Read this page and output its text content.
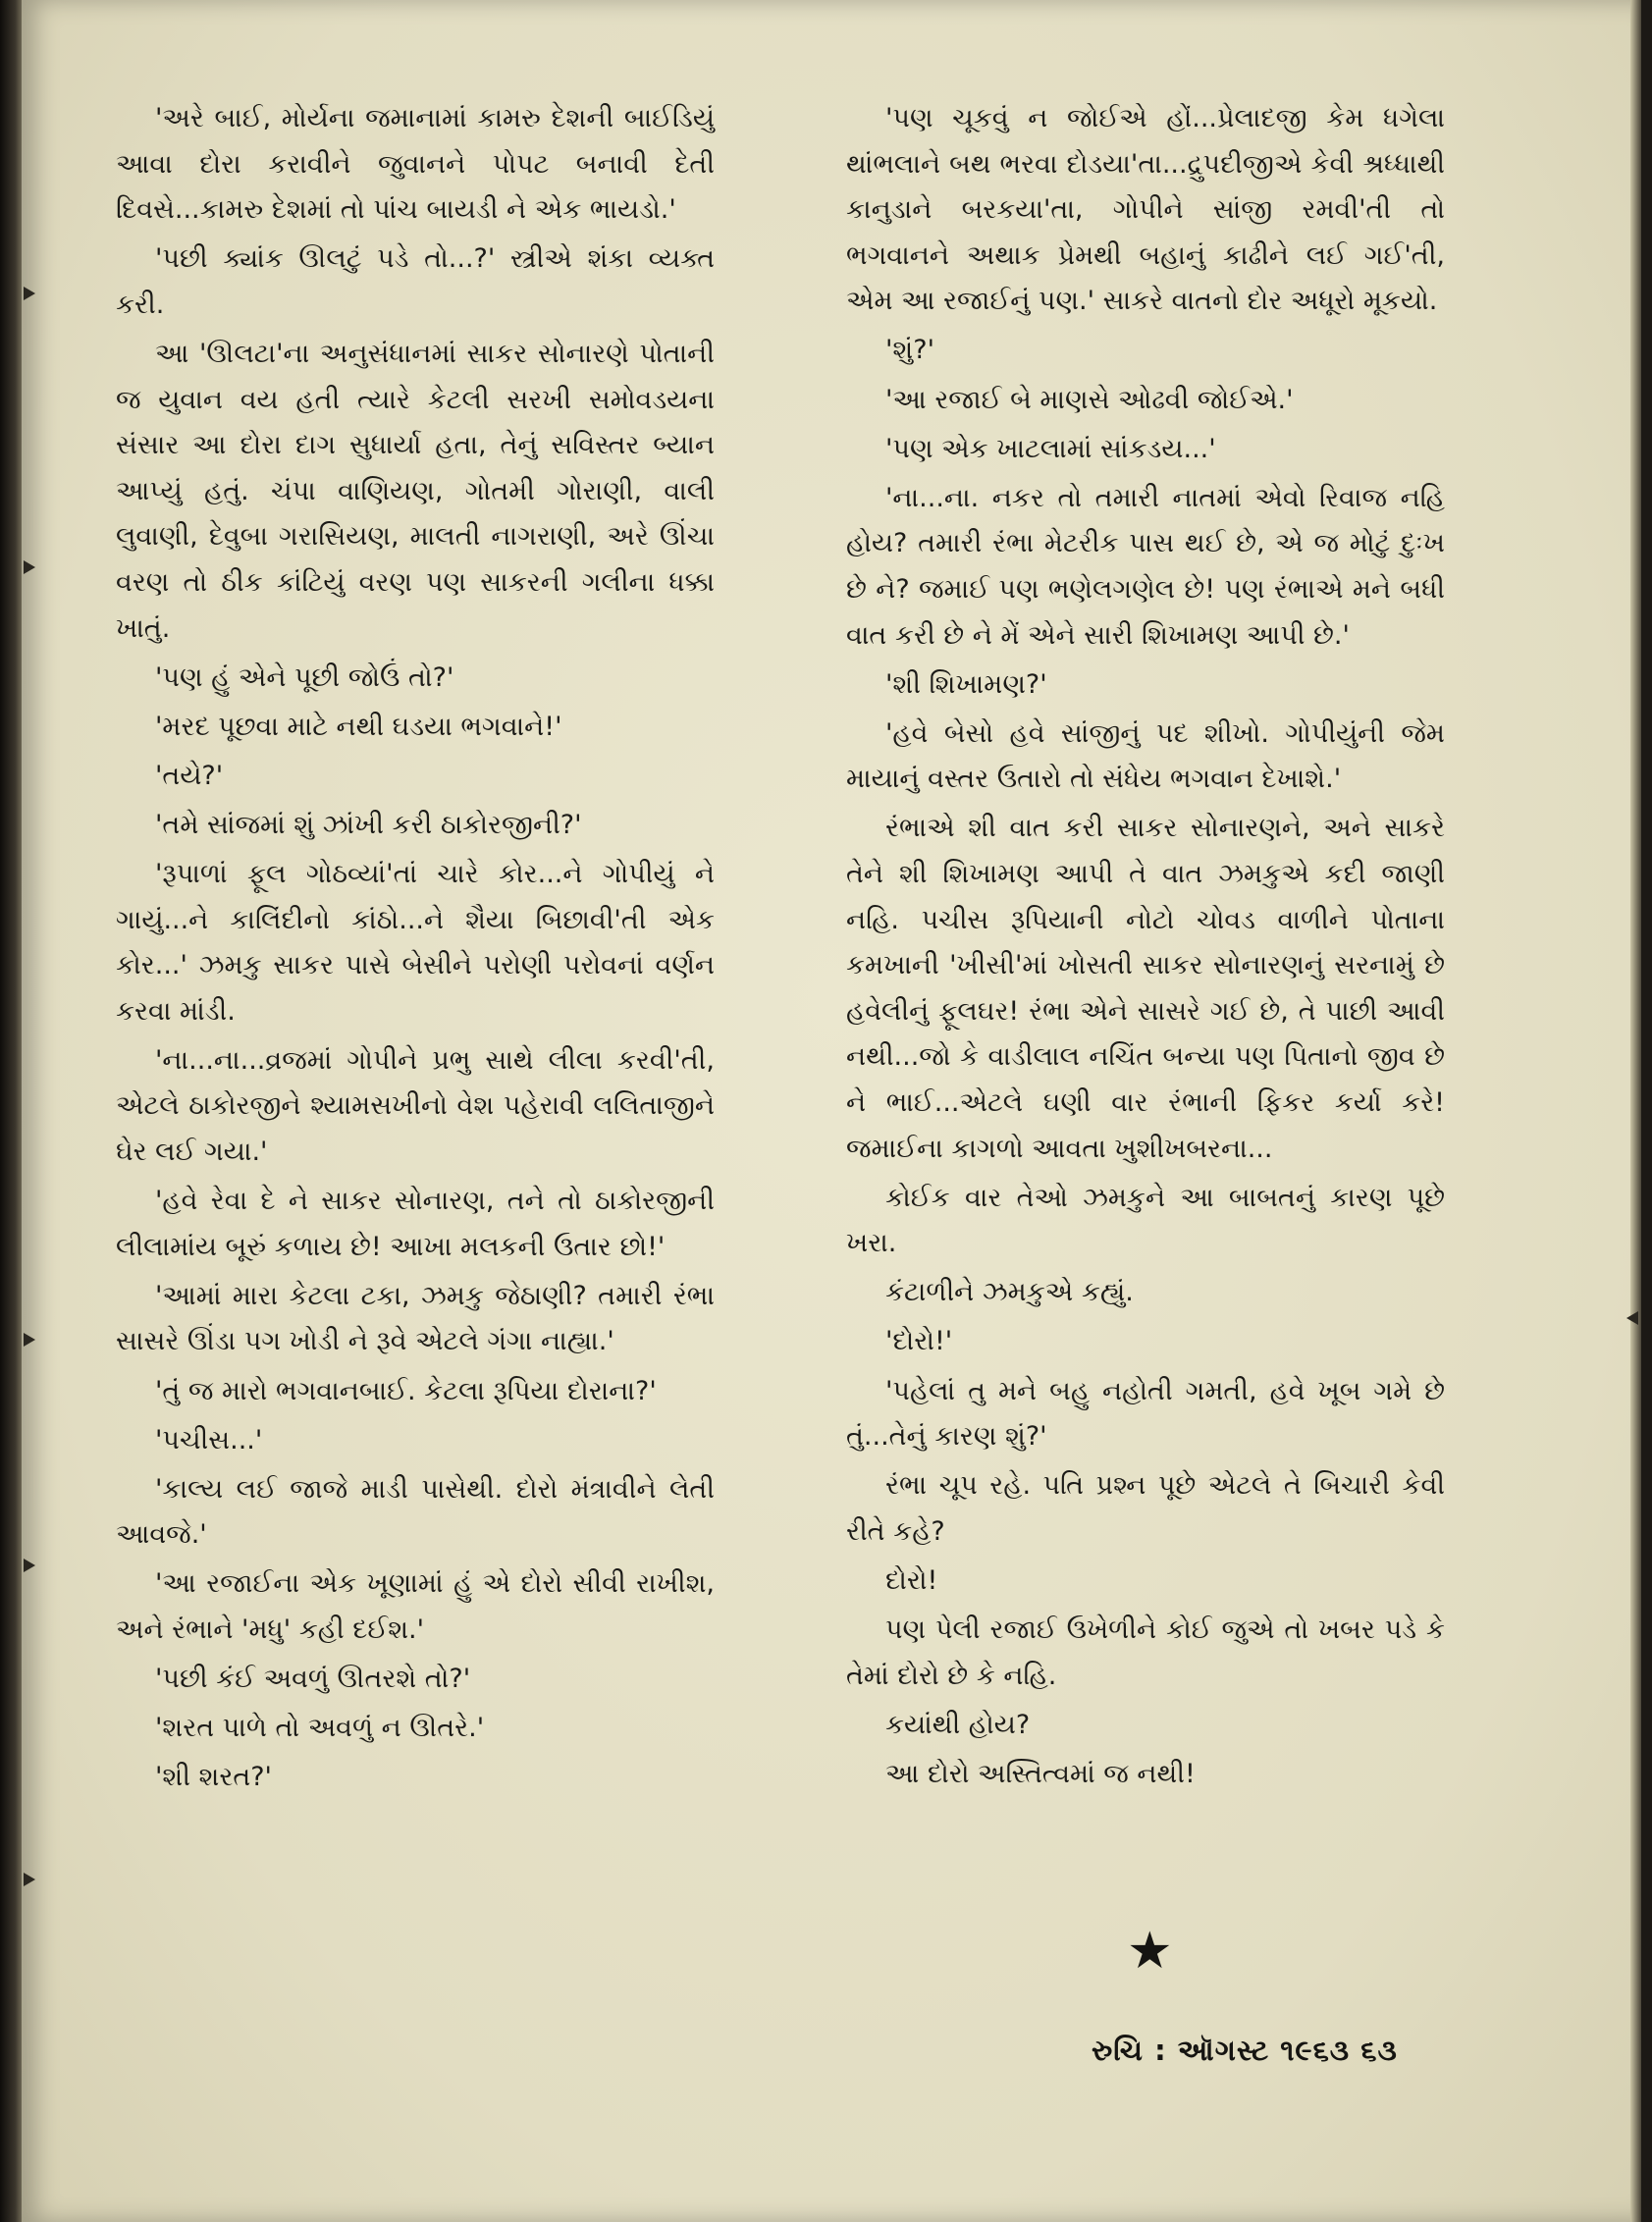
'અરે બાઈ, મોર્યના જમાનામાં કામરુ દેશની બાઈડિયું આવા દોરા કરાવીને જુવાનને પોપટ બનાવી દેતી દિવસે...કામરુ દેશમાં તો પાંચ બાયડી ને એક ભાયડો.'

'પછી ક્યાંક ઊલટું પડે તો...?' સ્ત્રીએ શંકા વ્યક્ત કરી.

આ 'ઊલટા'ના અનુસંધાનમાં સાકર સોનારણે પોતાની જ યુવાન વય હતી ત્યારે કેટલી સરખી સમોવડયના સંસાર આ દોરા દાગ સુધાર્યા હતા, તેનું સવિસ્તર બ્યાન આપ્યું હતું. ચંપા વાણિયણ, ગોતમી ગોરાણી, વાલી લુવાણી, દેવુબા ગરાસિયણ, માલતી નાગરાણી, અરે ઊંચા વરણ તો ઠીક કાંટિયું વરણ પણ સાકરની ગલીના ધક્કા ખાતું.

'પણ હું એને પૂછી જોઉં તો?'

'મરદ પૂછવા માટે નથી ઘડયા ભગવાને!'

'તયે?'

'તમે સાંજમાં શું ઝાંખી કરી ઠાકોરજીની?'

'રૂપાળાં ફૂલ ગોઠવ્યાં'તાં ચારે કોર...ને ગોપીયું ને ગાયું...ને કાલિંદીનો કાંઠો...ને શૈયા બિછાવી'તી એક કોર...' ઝમકુ સાકર પાસે બેસીને પરોણી પરોવનાં વર્ણન કરવા માંડી.

'ના...ના...વ્રજમાં ગોપીને પ્રભુ સાથે લીલા કરવી'તી, એટલે ઠાકોરજીને શ્યામસખીનો વેશ પહેરાવી લલિતાજીને ઘેર લઈ ગયા.'

'હવે રેવા દે ને સાકર સોનારણ, તને તો ઠાકોરજીની લીલામાંય બૂરું કળાય છે! આખા મલકની ઉતાર છો!'

'આમાં મારા કેટલા ટકા, ઝમકુ જેઠાણી? તમારી રંભા સાસરે ઊંડા પગ ખોડી ને રૂવે એટલે ગંગા નાહ્યા.'

'તું જ મારો ભગવાનબાઈ. કેટલા રૂપિયા દોરાના?'

'પચીસ...'

'કાલ્ય લઈ જાજે માડી પાસેથી. દોરો મંત્રાવીને લેતી આવજે.'

'આ રજાઈના એક ખૂણામાં હું એ દોરો સીવી રાખીશ, અને રંભાને 'મધુ' કહી દઈશ.'

'પછી કંઈ અવળું ઊતરશે તો?'

'શરત પાળે તો અવળું ન ઊતરે.'

'શી શરત?'

'પણ ચૂકવું ન જોઈએ હોં...પ્રેલાદજી કેમ ધગેલા થાંભલાને બથ ભરવા દોડયા'તા...દ્રુપદીજીએ કેવી શ્રધ્ધાથી કાનુડાને બરકયા'તા, ગોપીને સાંજી રમવી'તી તો ભગવાનને અથાક પ્રેમથી બહાનું કાઢીને લઈ ગઈ'તી, એમ આ રજાઈનું પણ.' સાકરે વાતનો દોર અધૂરો મૂકયો.

'શું?'

'આ રજાઈ બે માણસે ઓઢવી જોઈએ.'

'પણ એક ખાટલામાં સાંકડય...'

'ના...ના. નકર તો તમારી નાતમાં એવો રિવાજ નહિ હોય? તમારી રંભા મેટરીક પાસ થઈ છે, એ જ મોટું દુઃખ છે ને? જમાઈ પણ ભણેલગણેલ છે! પણ રંભાએ મને બધી વાત કરી છે ને મેં એને સારી શિખામણ આપી છે.'

'શી શિખામણ?'

'હવે બેસો હવે સાંજીનું પદ શીખો. ગોપીયુંની જેમ માયાનું વસ્તર ઉતારો તો સંધેય ભગવાન દેખાશે.'

રંભાએ શી વાત કરી સાકર સોનારણને, અને સાકરે તેને શી શિખામણ આપી તે વાત ઝમકુએ કદી જાણી નહિ. પચીસ રૂપિયાની નોટો ચોવડ વાળીને પોતાના કમખાની 'ખીસી'માં ખોસતી સાકર સોનારણનું સરનામું છે હવેલીનું ફૂલઘર! રંભા એને સાસરે ગઈ છે, તે પાછી આવી નથી...જો કે વાડીલાલ નચિંત બન્યા પણ પિતાનો જીવ છે ને ભાઈ...એટલે ઘણી વાર રંભાની ફિકર કર્યા કરે! જમાઈના કાગળો આવતા ખુશીખબરના...

કોઈક વાર તેઓ ઝમકુને આ બાબતનું કારણ પૂછે ખરા.

કંટાળીને ઝમકુએ કહ્યું.

'દોરો!'

'પહેલાં તુ મને બહુ નહોતી ગમતી, હવે ખૂબ ગમે છે તું...તેનું કારણ શું?'

રંભા ચૂપ રહે. પતિ પ્રશ્ન પૂછે એટલે તે બિચારી કેવી રીતે કહે?

દોરો!

પણ પેલી રજાઈ ઉખેળીને કોઈ જુએ તો ખબર પડે કે તેમાં દોરો છે કે નહિ.

કયાંથી હોય?

આ દોરો અસ્તિત્વમાં જ નથી!

★
રુચિ : ઑગસ્ટ ૧૯૬૩ ૬૩
